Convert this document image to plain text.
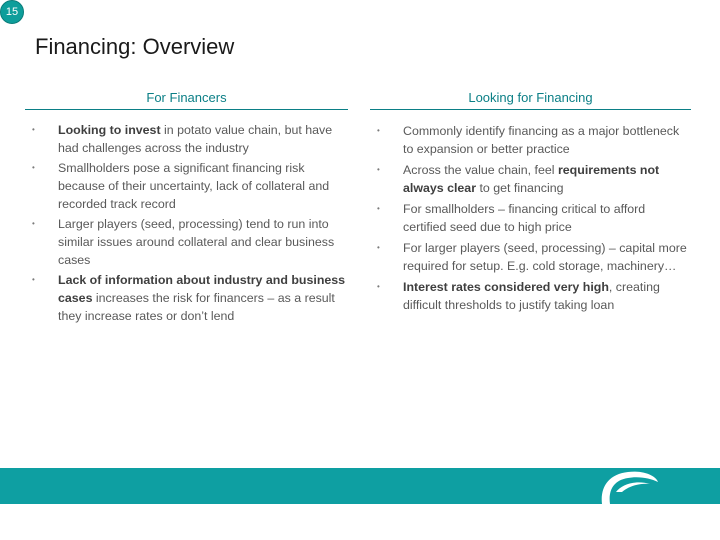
15
Financing: Overview
For Financers
• Looking to invest in potato value chain, but have had challenges across the industry
• Smallholders pose a significant financing risk because of their uncertainty, lack of collateral and recorded track record
• Larger players (seed, processing) tend to run into similar issues around collateral and clear business cases
• Lack of information about industry and business cases increases the risk for financers – as a result they increase rates or don’t lend
Looking for Financing
• Commonly identify financing as a major bottleneck to expansion or better practice
• Across the value chain, feel requirements not always clear to get financing
• For smallholders – financing critical to afford certified seed due to high price
• For larger players (seed, processing) – capital more required for setup. E.g. cold storage, machinery…
• Interest rates considered very high, creating difficult thresholds to justify taking loan
